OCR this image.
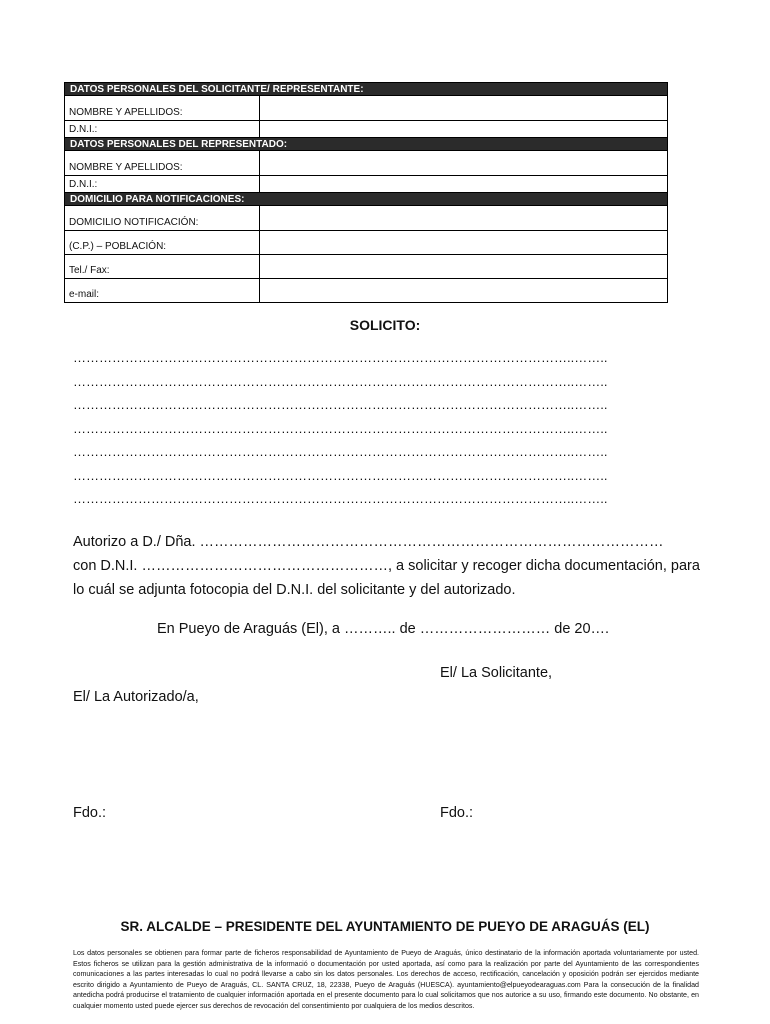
DATOS PERSONALES DEL SOLICITANTE/ REPRESENTANTE:	
NOMBRE Y APELLIDOS:	
D.N.I.:	
DATOS PERSONALES DEL REPRESENTADO:	
NOMBRE Y APELLIDOS:	
D.N.I.:	
DOMICILIO PARA NOTIFICACIONES:	
DOMICILIO NOTIFICACIÓN:	
(C.P.) – POBLACIÓN:	
Tel./ Fax:	
e-mail:	
SOLICITO:
……………………………………………………………………………………………………..……..
……………………………………………………………………………………………………..……..
……………………………………………………………………………………………………..……..
……………………………………………………………………………………………………..……..
……………………………………………………………………………………………………..……..
……………………………………………………………………………………………………..……..
……………………………………………………………………………………………………..……..
Autorizo a D./ Dña. ……………………………………………………………………………………
con D.N.I. ……………………………………………, a solicitar y recoger dicha documentación, para
lo cuál se adjunta fotocopia del D.N.I. del solicitante y del autorizado.
En Pueyo de Araguás (El), a ……….. de ……………………… de 20….
El/ La Solicitante,
El/ La Autorizado/a,
Fdo.:	Fdo.:
SR. ALCALDE – PRESIDENTE DEL AYUNTAMIENTO DE PUEYO DE ARAGUÁS (EL)
Los datos personales se obtienen para formar parte de ficheros responsabilidad de Ayuntamiento de Pueyo de Araguás, único destinatario de la información aportada voluntariamente por usted. Estos ficheros se utilizan para la gestión administrativa de la informació o documentación por usted aportada, así como para la realización por parte del Ayuntamiento de las correspondientes comunicaciones a las partes interesadas lo cual no podrá llevarse a cabo sin los datos personales. Los derechos de acceso, rectificación, cancelación y oposición podrán ser ejercidos mediante escrito dirigido a Ayuntamiento de Pueyo de Araguás, CL. SANTA CRUZ, 18, 22338, Pueyo de Araguás (HUESCA). ayuntamiento@elpueyodearaguas.com Para la consecución de la finalidad antedicha podrá producirse el tratamiento de cualquier información aportada en el presente documento para lo cual solicitamos que nos autorice a su uso, firmando este documento. No obstante, en cualquier momento usted puede ejercer sus derechos de revocación del consentimiento por cualquiera de los medios descritos.
